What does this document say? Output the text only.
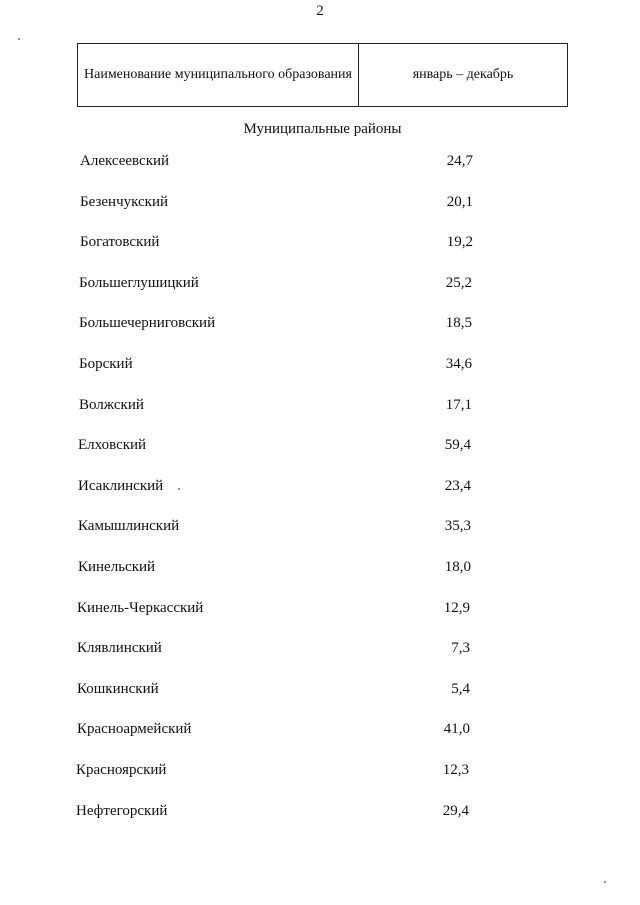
2
Наименование муниципального образования	январь – декабрь
Муниципальные районы
Алексеевский	24,7
Безенчукский	20,1
Богатовский	19,2
Большеглушицкий	25,2
Большечерниговский	18,5
Борский	34,6
Волжский	17,1
Елховский	59,4
Исаклинский	23,4
Камышлинский	35,3
Кинельский	18,0
Кинель-Черкасский	12,9
Клявлинский	7,3
Кошкинский	5,4
Красноармейский	41,0
Красноярский	12,3
Нефтегорский	29,4
